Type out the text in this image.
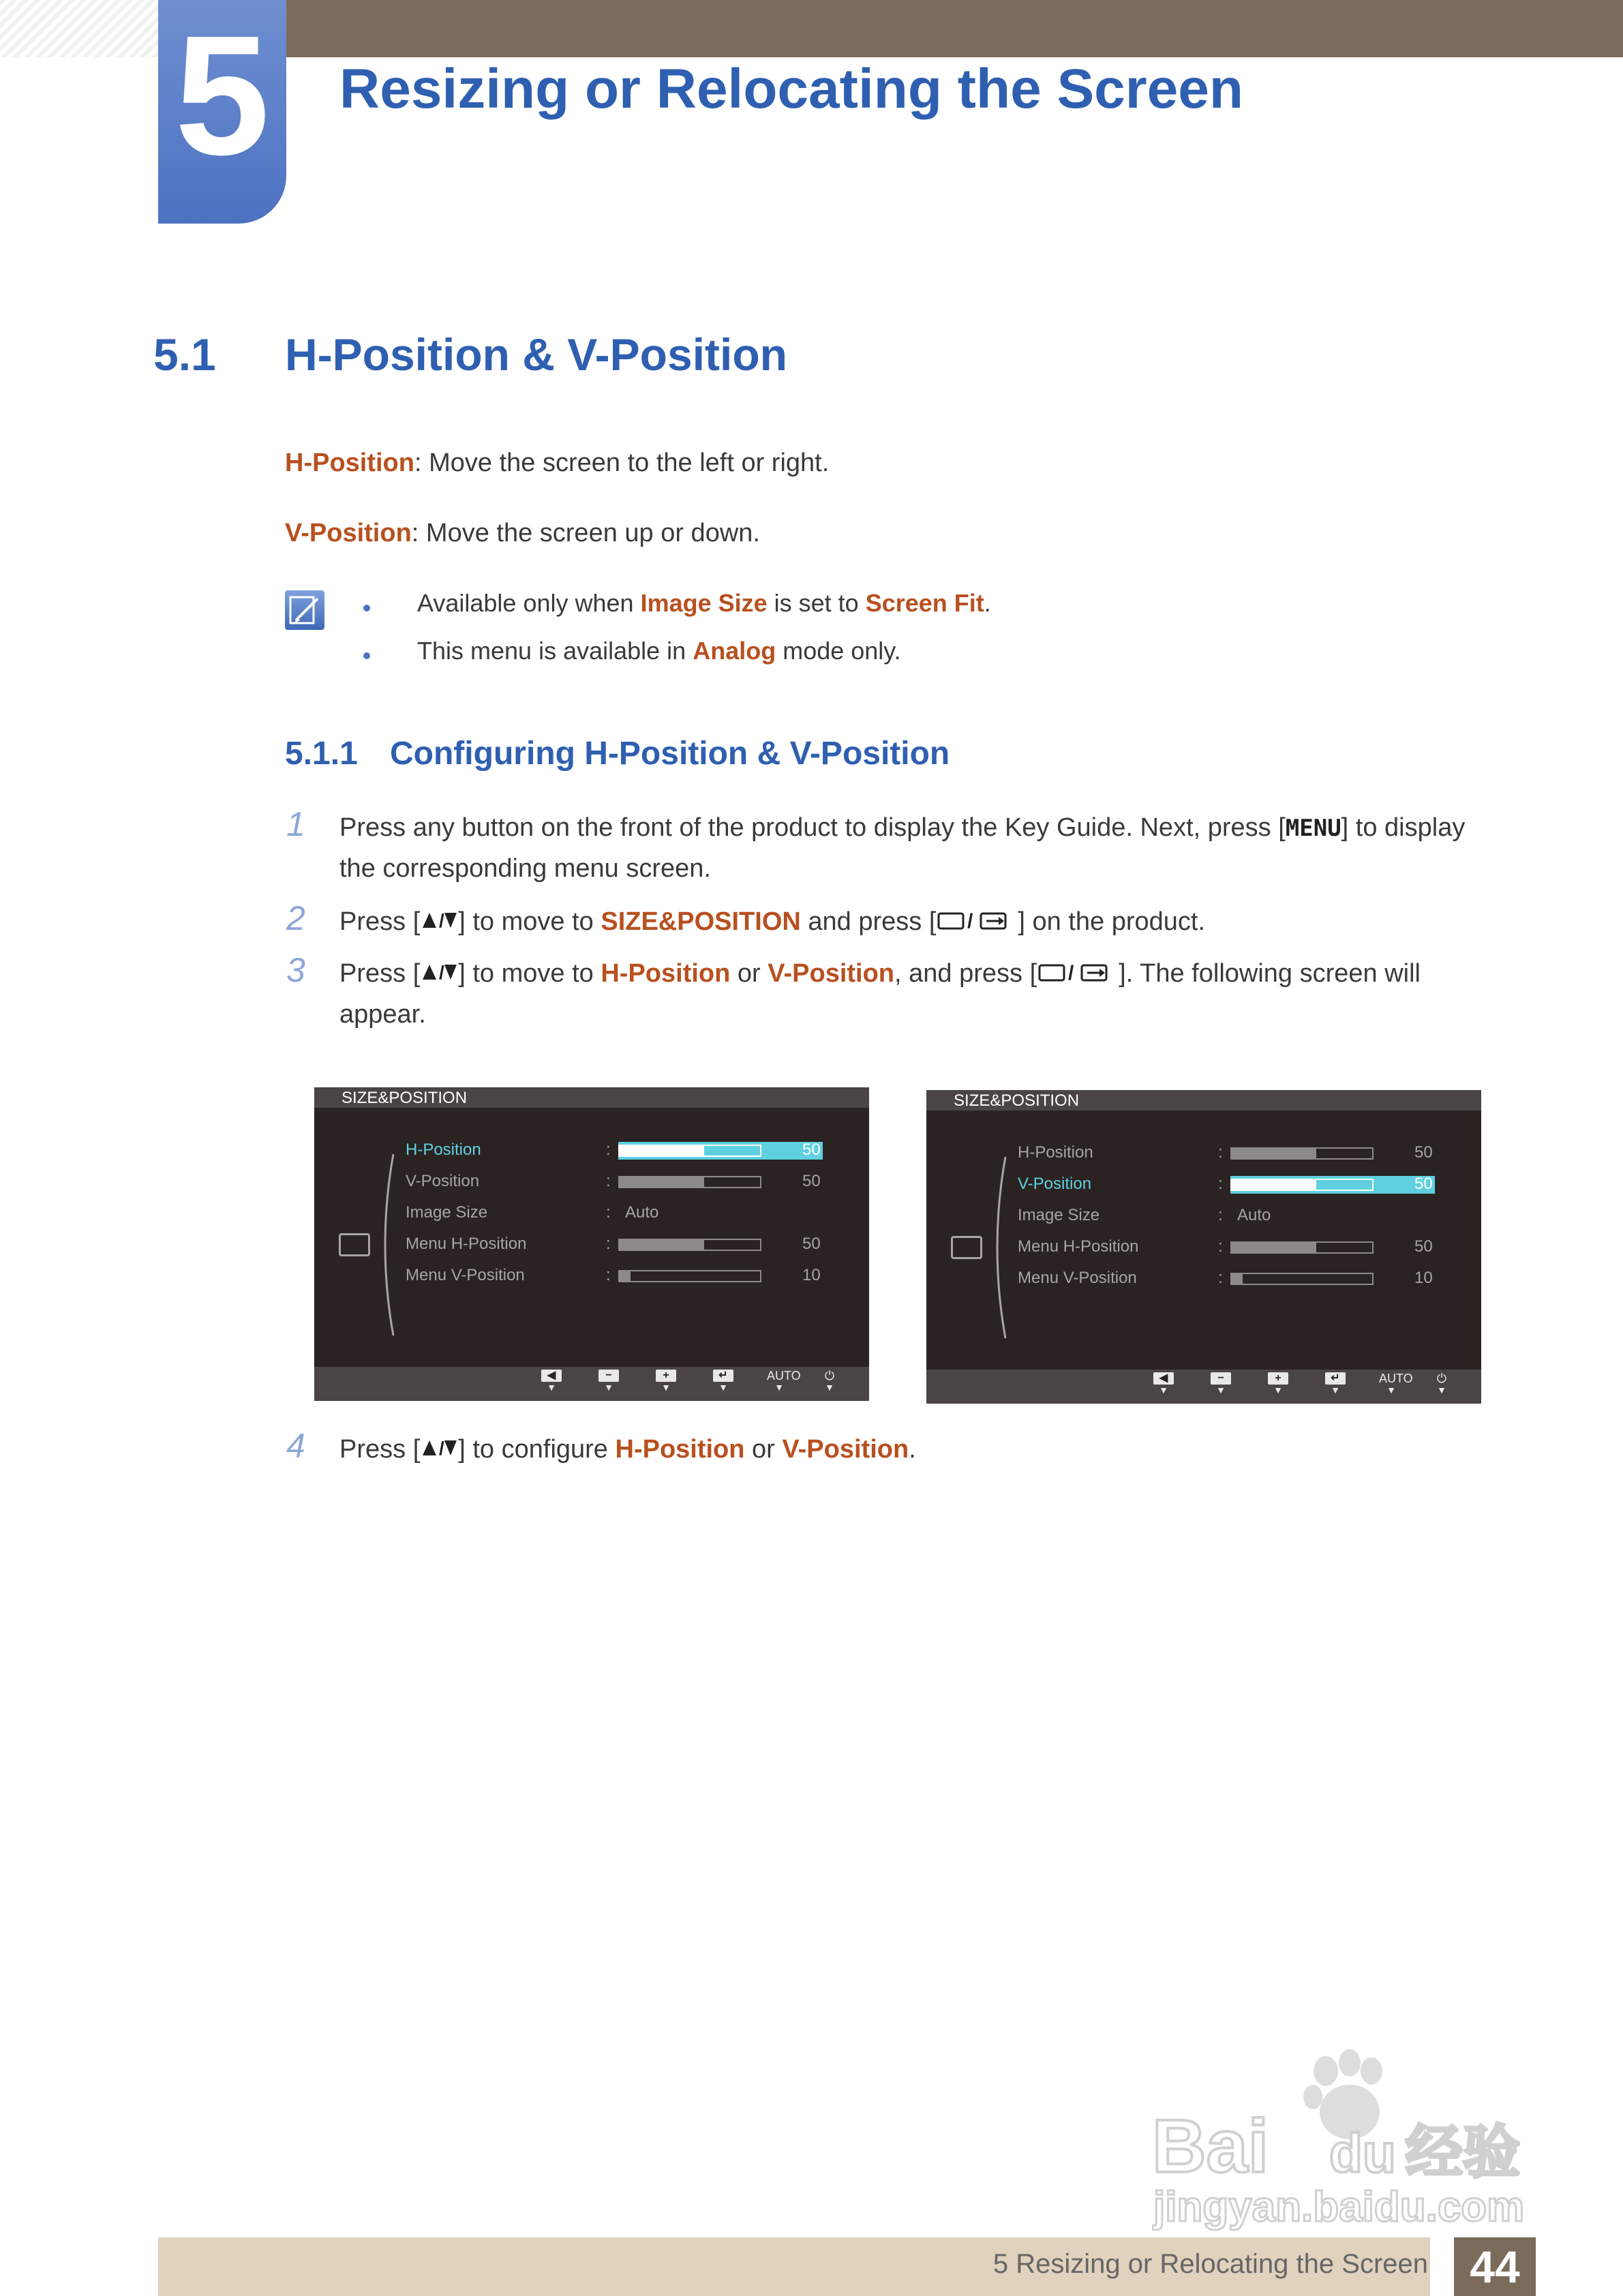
5 Resizing or Relocating the Screen
5.1 H-Position & V-Position
H-Position: Move the screen to the left or right.
V-Position: Move the screen up or down.
Available only when Image Size is set to Screen Fit.
This menu is available in Analog mode only.
5.1.1 Configuring H-Position & V-Position
1 Press any button on the front of the product to display the Key Guide. Next, press [MENU] to display
the corresponding menu screen.
2 Press [ / ] to move to SIZE&POSITION and press [ / ] on the product.
3 Press [ / ] to move to H-Position or V-Position, and press [ / ]. The following screen will
appear.
SIZE&POSITION
H-Position	:	50
V-Position	:	50
Image Size	: Auto
Menu H-Position	:	50
Menu V-Position	:	10
◀
▼
−
▼
+
▼
↵
▼
AUTO
▼
⏻
▼
SIZE&POSITION
H-Position	:	50
V-Position	:	50
Image Size	: Auto
Menu H-Position	:	50
Menu V-Position	:	10
◀
▼
−
▼
+
▼
↵
▼
AUTO
▼
⏻
▼
4 Press [ / ] to configure H-Position or V-Position.
Bai du 经验
jingyan.baidu.com
5 Resizing or Relocating the Screen 44
